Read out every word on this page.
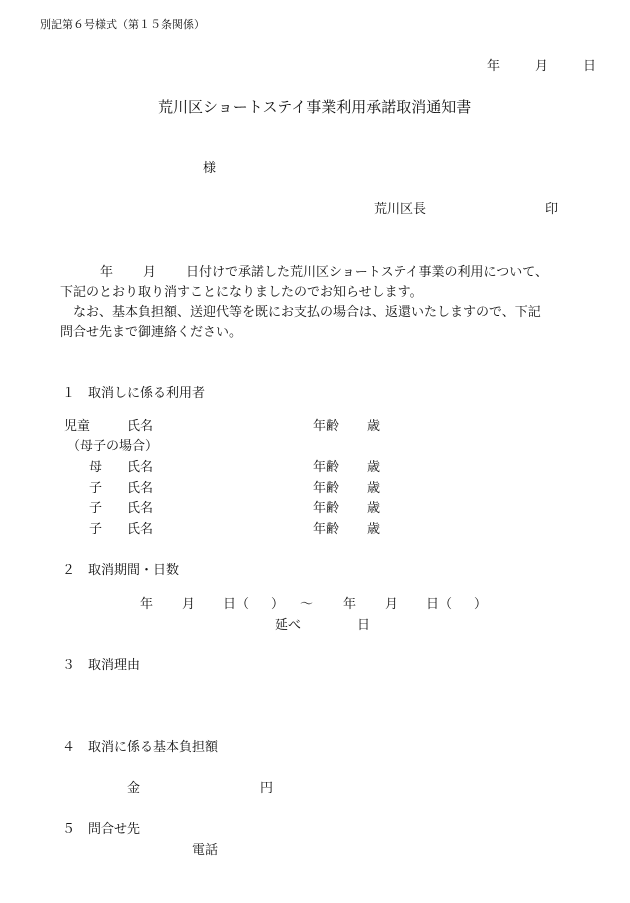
別記第６号様式（第１５条関係）
年	月	日
荒川区ショートステイ事業利用承諾取消通知書
様
荒川区長	印
年 月 日付けで承諾した荒川区ショートステイ事業の利用について、
下記のとおり取り消すことになりましたのでお知らせします。
　なお、基本負担額、送迎代等を既にお支払の場合は、返還いたしますので、下記
問合せ先まで御連絡ください。
１　取消しに係る利用者
児童	氏名	年齢 歳
（母子の場合）
母 氏名	年齢 歳
子 氏名	年齢 歳
子 氏名	年齢 歳
子 氏名	年齢 歳
２　取消期間・日数
年 月 日（ ） ～ 年 月 日（ ）
延べ	日
３　取消理由
４　取消に係る基本負担額
金	円
５　問合せ先
電話
